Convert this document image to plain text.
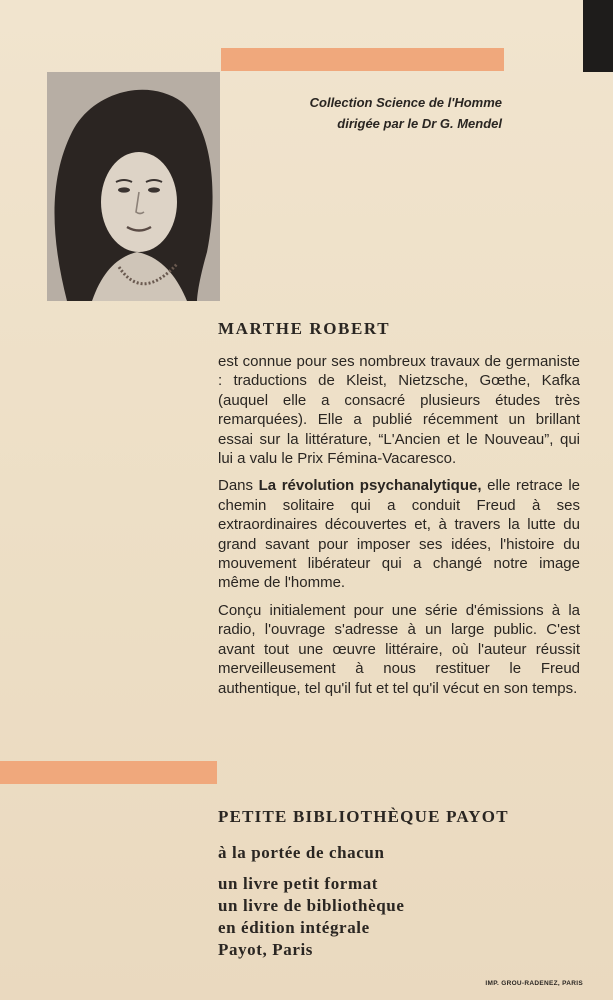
Collection Science de l'Homme
dirigée par le Dr G. Mendel
MARTHE ROBERT

est connue pour ses nombreux travaux de germaniste : traductions de Kleist, Nietzsche, Gœthe, Kafka (auquel elle a consacré plusieurs études très remarquées). Elle a publié récemment un brillant essai sur la littérature, “L'Ancien et le Nouveau”, qui lui a valu le Prix Fémina-Vacaresco.

Dans La révolution psychanalytique, elle retrace le chemin solitaire qui a conduit Freud à ses extraordinaires découvertes et, à travers la lutte du grand savant pour imposer ses idées, l'histoire du mouvement libérateur qui a changé notre image même de l'homme.

Conçu initialement pour une série d'émissions à la radio, l'ouvrage s'adresse à un large public. C'est avant tout une œuvre littéraire, où l'auteur réussit merveilleusement à nous restituer le Freud authentique, tel qu'il fut et tel qu'il vécut en son temps.

PETITE BIBLIOTHÈQUE PAYOT
à la portée de chacun
un livre petit format
un livre de bibliothèque
en édition intégrale
Payot, Paris
IMP. GROU-RADENEZ, PARIS
